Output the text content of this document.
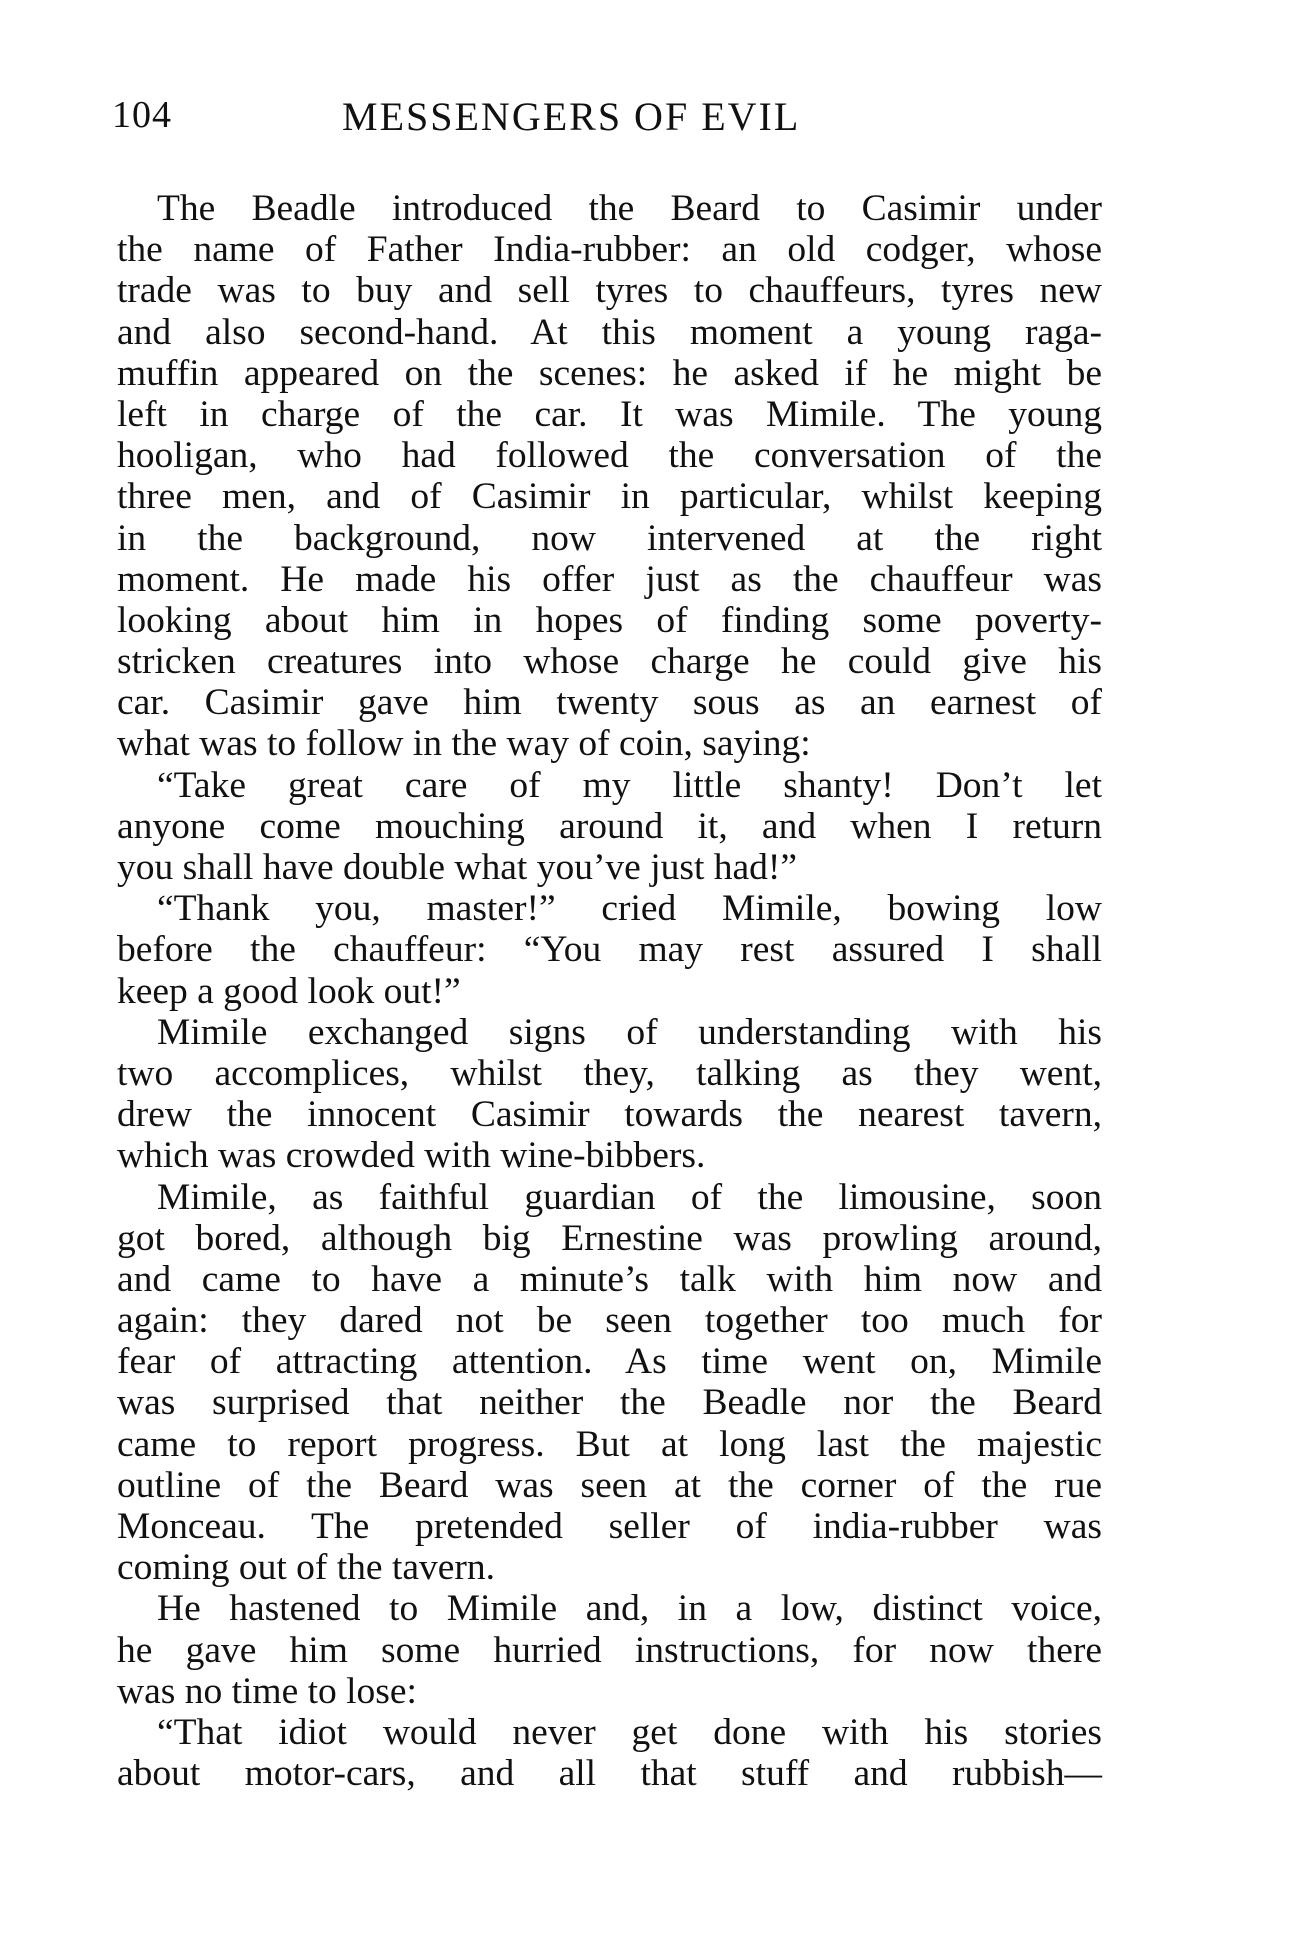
104	MESSENGERS OF EVIL
The Beadle introduced the Beard to Casimir under
the name of Father India-rubber: an old codger, whose
trade was to buy and sell tyres to chauffeurs, tyres new
and also second-hand. At this moment a young raga-
muffin appeared on the scenes: he asked if he might be
left in charge of the car. It was Mimile. The young
hooligan, who had followed the conversation of the
three men, and of Casimir in particular, whilst keeping
in the background, now intervened at the right
moment. He made his offer just as the chauffeur was
looking about him in hopes of finding some poverty-
stricken creatures into whose charge he could give his
car. Casimir gave him twenty sous as an earnest of
what was to follow in the way of coin, saying:
“Take great care of my little shanty! Don’t let
anyone come mouching around it, and when I return
you shall have double what you’ve just had!”
“Thank you, master!” cried Mimile, bowing low
before the chauffeur: “You may rest assured I shall
keep a good look out!”
Mimile exchanged signs of understanding with his
two accomplices, whilst they, talking as they went,
drew the innocent Casimir towards the nearest tavern,
which was crowded with wine-bibbers.
Mimile, as faithful guardian of the limousine, soon
got bored, although big Ernestine was prowling around,
and came to have a minute’s talk with him now and
again: they dared not be seen together too much for
fear of attracting attention. As time went on, Mimile
was surprised that neither the Beadle nor the Beard
came to report progress. But at long last the majestic
outline of the Beard was seen at the corner of the rue
Monceau. The pretended seller of india-rubber was
coming out of the tavern.
He hastened to Mimile and, in a low, distinct voice,
he gave him some hurried instructions, for now there
was no time to lose:
“That idiot would never get done with his stories
about motor-cars, and all that stuff and rubbish—
